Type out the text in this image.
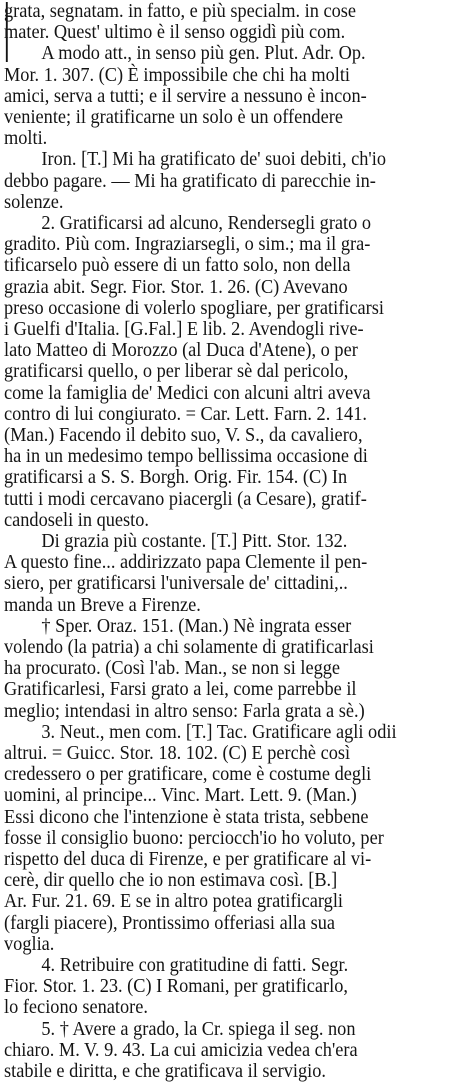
grata, segnatam. in fatto, e più specialm. in cose
mater. Quest' ultimo è il senso oggidì più com.
A modo att., in senso più gen. Plut. Adr. Op.
Mor. 1. 307. (C) È impossibile che chi ha molti
amici, serva a tutti; e il servire a nessuno è incon-
veniente; il gratificarne un solo è un offendere
molti.
Iron. [T.] Mi ha gratificato de' suoi debiti, ch'io
debbo pagare. — Mi ha gratificato di parecchie in-
solenze.
2. Gratificarsi ad alcuno, Rendersegli grato o
gradito. Più com. Ingraziarsegli, o sim.; ma il gra-
tificarselo può essere di un fatto solo, non della
grazia abit. Segr. Fior. Stor. 1. 26. (C) Avevano
preso occasione di volerlo spogliare, per gratificarsi
i Guelfi d'Italia. [G.Fal.] E lib. 2. Avendogli rive-
lato Matteo di Morozzo (al Duca d'Atene), o per
gratificarsi quello, o per liberar sè dal pericolo,
come la famiglia de' Medici con alcuni altri aveva
contro di lui congiurato. = Car. Lett. Farn. 2. 141.
(Man.) Facendo il debito suo, V. S., da cavaliero,
ha in un medesimo tempo bellissima occasione di
gratificarsi a S. S. Borgh. Orig. Fir. 154. (C) In
tutti i modi cercavano piacergli (a Cesare), gratif-
candoseli in questo.
Di grazia più costante. [T.] Pitt. Stor. 132.
A questo fine... addirizzato papa Clemente il pen-
siero, per gratificarsi l'universale de' cittadini,..
manda un Breve a Firenze.
† Sper. Oraz. 151. (Man.) Nè ingrata esser
volendo (la patria) a chi solamente di gratificarlasi
ha procurato. (Così l'ab. Man., se non si legge
Gratificarlesi, Farsi grato a lei, come parrebbe il
meglio; intendasi in altro senso: Farla grata a sè.)
3. Neut., men com. [T.] Tac. Gratificare agli odii
altrui. = Guicc. Stor. 18. 102. (C) E perchè così
credessero o per gratificare, come è costume degli
uomini, al principe... Vinc. Mart. Lett. 9. (Man.)
Essi dicono che l'intenzione è stata trista, sebbene
fosse il consiglio buono: perciocch'io ho voluto, per
rispetto del duca di Firenze, e per gratificare al vi-
cerè, dir quello che io non estimava così. [B.]
Ar. Fur. 21. 69. E se in altro potea gratificargli
(fargli piacere), Prontissimo offeriasi alla sua
voglia.
4. Retribuire con gratitudine di fatti. Segr.
Fior. Stor. 1. 23. (C) I Romani, per gratificarlo,
lo feciono senatore.
5. † Avere a grado, la Cr. spiega il seg. non
chiaro. M. V. 9. 43. La cui amicizia vedea ch'era
stabile e diritta, e che gratificava il servigio.
